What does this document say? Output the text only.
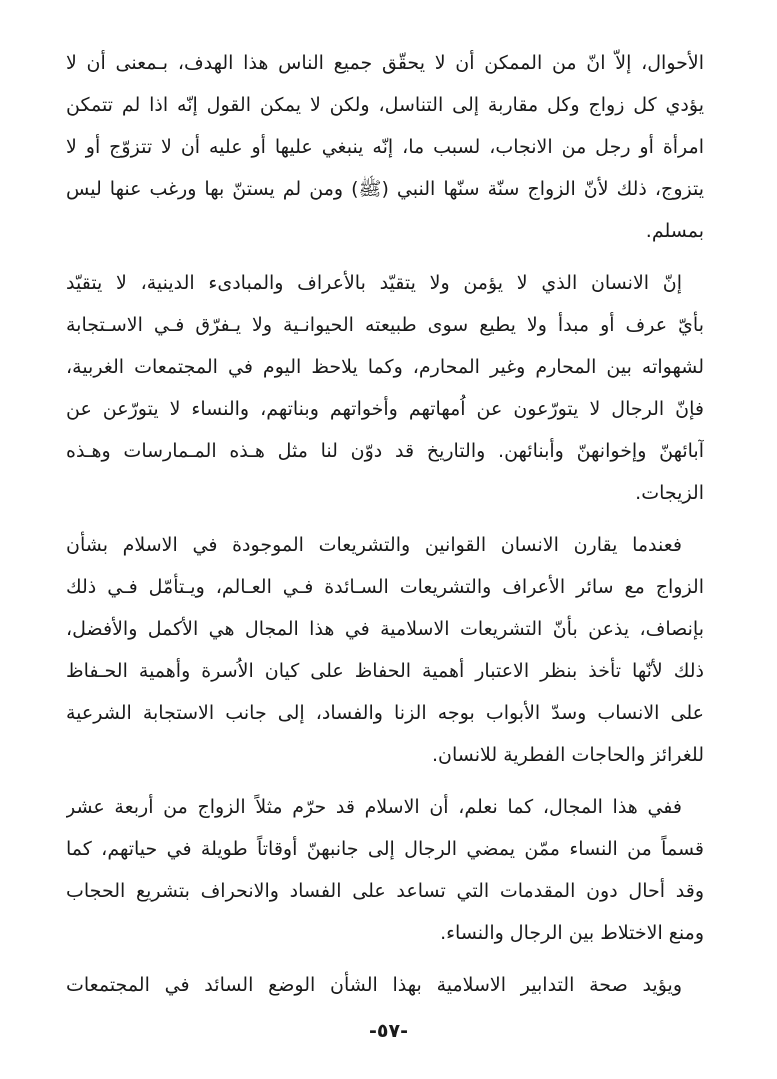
الأحوال، إلاّ انّ من الممكن أن لا يحقّق جميع الناس هذا الهدف، بـمعنى أن لا
يؤدي كل زواج وكل مقاربة إلى التناسل، ولكن لا يمكن القول إنّه اذا لم تتمكن
امرأة أو رجل من الانجاب، لسبب ما، إنّه ينبغي عليها أو عليه أن لا تتزوّج أو لا
يتزوج، ذلك لأنّ الزواج سنّة سنّها النبي (ﷺ) ومن لم يستنّ بها ورغب عنها ليس
بمسلم.
إنّ الانسان الذي لا يؤمن ولا يتقيّد بالأعراف والمبادىء الدينية، لا يتقيّد
بأيّ عرف أو مبدأ ولا يطيع سوى طبيعته الحيوانـية ولا يـفرّق فـي الاسـتجابة
لشهواته بين المحارم وغير المحارم، وكما يلاحظ اليوم في المجتمعات الغربية،
فإنّ الرجال لا يتورّعون عن اُمهاتهم وأخواتهم وبناتهم، والنساء لا يتورّعن عن
آبائهنّ وإخوانهنّ وأبنائهن. والتاريخ قد دوّن لنا مثل هـذه المـمارسات وهـذه
الزيجات.
فعندما يقارن الانسان القوانين والتشريعات الموجودة في الاسلام بشأن
الزواج مع سائر الأعراف والتشريعات السـائدة فـي العـالم، ويـتأمّل فـي ذلك
بإنصاف، يذعن بأنّ التشريعات الاسلامية في هذا المجال هي الأكمل والأفضل،
ذلك لأنّها تأخذ بنظر الاعتبار أهمية الحفاظ على كيان الاُسرة وأهمية الحـفاظ
على الانساب وسدّ الأبواب بوجه الزنا والفساد، إلى جانب الاستجابة الشرعية
للغرائز والحاجات الفطرية للانسان.
ففي هذا المجال، كما نعلم، أن الاسلام قد حرّم مثلاً الزواج من أربعة عشر
قسماً من النساء ممّن يمضي الرجال إلى جانبهنّ أوقاتاً طويلة في حياتهم، كما
وقد أحال دون المقدمات التي تساعد على الفساد والانحراف بتشريع الحجاب
ومنع الاختلاط بين الرجال والنساء.
ويؤيد صحة التدابير الاسلامية بهذا الشأن الوضع السائد في المجتمعات
-٥٧-
